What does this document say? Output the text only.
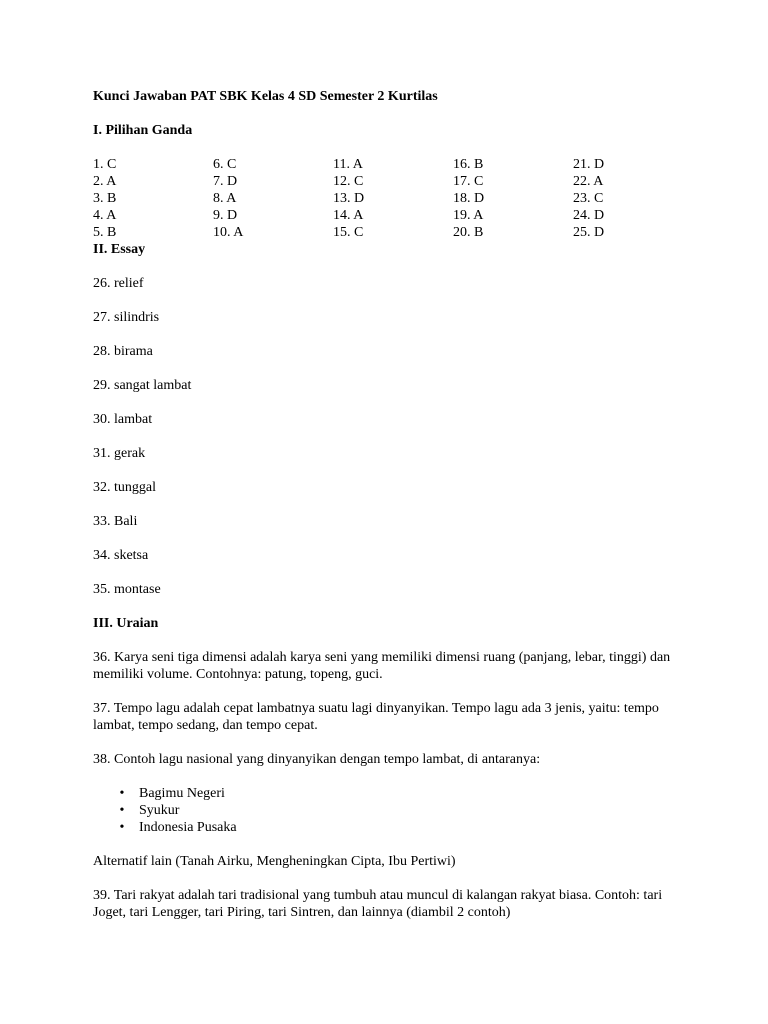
Kunci Jawaban PAT SBK Kelas 4 SD Semester 2 Kurtilas

I. Pilihan Ganda

1. C
2. A
3. B
4. A
5. B
6. C
7. D
8. A
9. D
10. A
11. A
12. C
13. D
14. A
15. C
16. B
17. C
18. D
19. A
20. B
21. D
22. A
23. C
24. D
25. D

II. Essay

26. relief

27. silindris

28. birama

29. sangat lambat

30. lambat

31. gerak

32. tunggal

33. Bali

34. sketsa

35. montase

III. Uraian

36. Karya seni tiga dimensi adalah karya seni yang memiliki dimensi ruang (panjang, lebar, tinggi) dan memiliki volume. Contohnya: patung, topeng, guci.

37. Tempo lagu adalah cepat lambatnya suatu lagi dinyanyikan. Tempo lagu ada 3 jenis, yaitu: tempo lambat, tempo sedang, dan tempo cepat.

38. Contoh lagu nasional yang dinyanyikan dengan tempo lambat, di antaranya:

• Bagimu Negeri
• Syukur
• Indonesia Pusaka

Alternatif lain (Tanah Airku, Mengheningkan Cipta, Ibu Pertiwi)

39. Tari rakyat adalah tari tradisional yang tumbuh atau muncul di kalangan rakyat biasa. Contoh: tari Joget, tari Lengger, tari Piring, tari Sintren, dan lainnya (diambil 2 contoh)
